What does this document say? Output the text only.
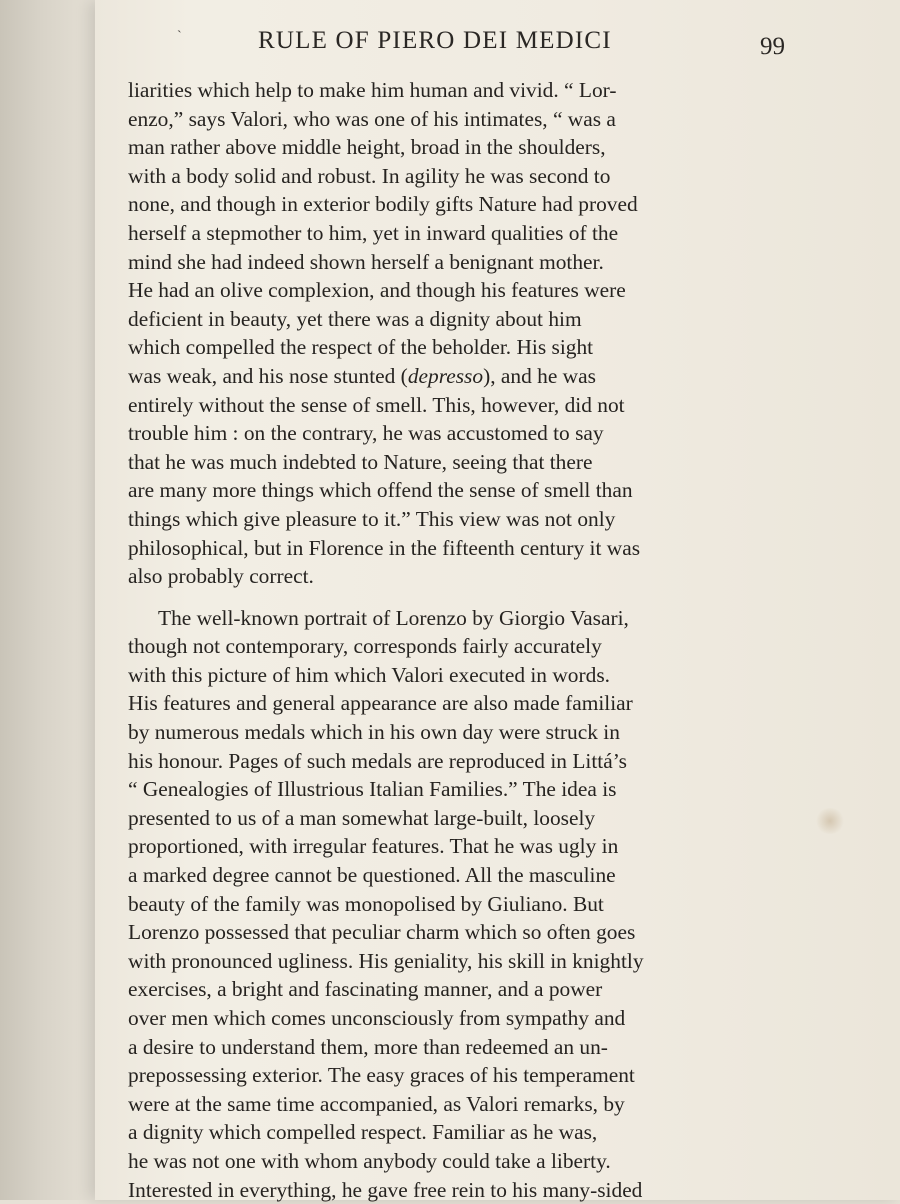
`	RULE OF PIERO DEI MEDICI	99
liarities which help to make him human and vivid. “ Lor-
enzo,” says Valori, who was one of his intimates, “ was a
man rather above middle height, broad in the shoulders,
with a body solid and robust. In agility he was second to
none, and though in exterior bodily gifts Nature had proved
herself a stepmother to him, yet in inward qualities of the
mind she had indeed shown herself a benignant mother.
He had an olive complexion, and though his features were
deficient in beauty, yet there was a dignity about him
which compelled the respect of the beholder. His sight
was weak, and his nose stunted (depresso), and he was
entirely without the sense of smell. This, however, did not
trouble him : on the contrary, he was accustomed to say
that he was much indebted to Nature, seeing that there
are many more things which offend the sense of smell than
things which give pleasure to it.” This view was not only
philosophical, but in Florence in the fifteenth century it was
also probably correct.
The well-known portrait of Lorenzo by Giorgio Vasari,
though not contemporary, corresponds fairly accurately
with this picture of him which Valori executed in words.
His features and general appearance are also made familiar
by numerous medals which in his own day were struck in
his honour. Pages of such medals are reproduced in Littá’s
“ Genealogies of Illustrious Italian Families.” The idea is
presented to us of a man somewhat large-built, loosely
proportioned, with irregular features. That he was ugly in
a marked degree cannot be questioned. All the masculine
beauty of the family was monopolised by Giuliano. But
Lorenzo possessed that peculiar charm which so often goes
with pronounced ugliness. His geniality, his skill in knightly
exercises, a bright and fascinating manner, and a power
over men which comes unconsciously from sympathy and
a desire to understand them, more than redeemed an un-
prepossessing exterior. The easy graces of his temperament
were at the same time accompanied, as Valori remarks, by
a dignity which compelled respect. Familiar as he was,
he was not one with whom anybody could take a liberty.
Interested in everything, he gave free rein to his many-sided
